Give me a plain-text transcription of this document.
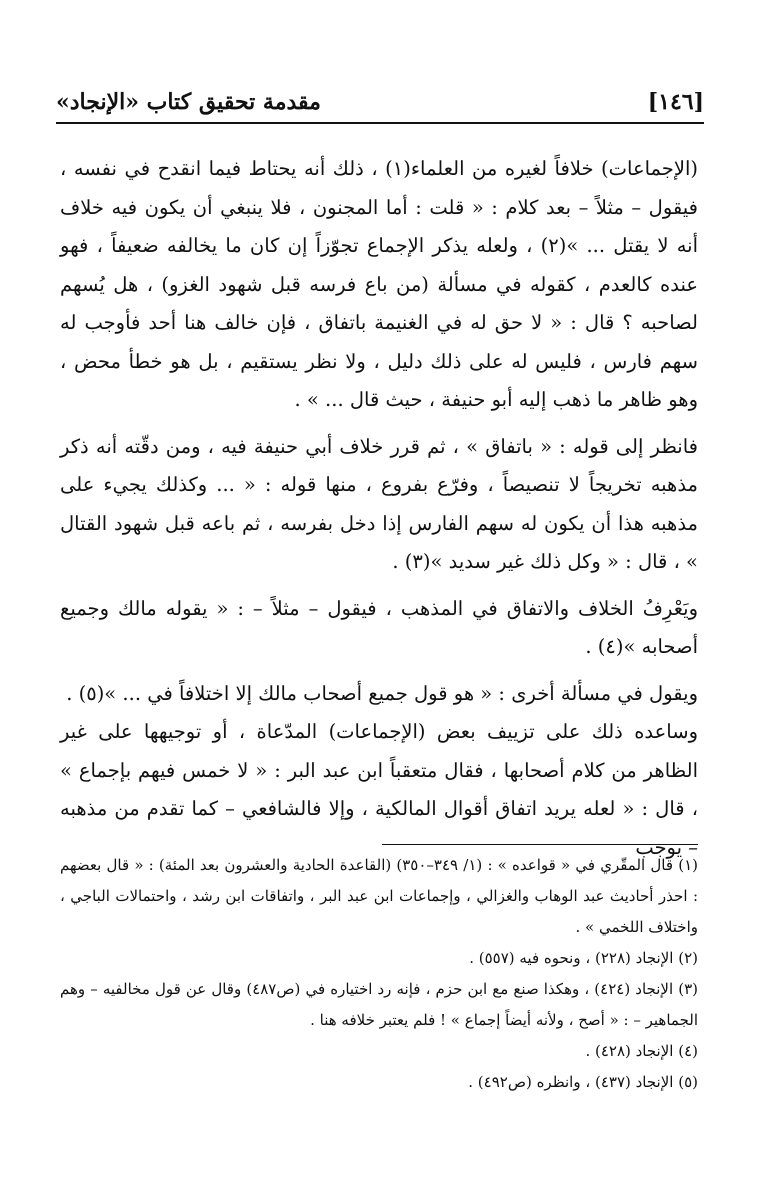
[١٤٦]
مقدمة تحقيق كتاب «الإنجاد»

(الإجماعات) خلافاً لغيره من العلماء(١) ، ذلك أنه يحتاط فيما انقدح في نفسه ، فيقول – مثلاً – بعد كلام : « قلت : أما المجنون ، فلا ينبغي أن يكون فيه خلاف أنه لا يقتل ... »(٢) ، ولعله يذكر الإجماع تجوّزاً إن كان ما يخالفه ضعيفاً ، فهو عنده كالعدم ، كقوله في مسألة (من باع فرسه قبل شهود الغزو) ، هل يُسهم لصاحبه ؟ قال : « لا حق له في الغنيمة باتفاق ، فإن خالف هنا أحد فأوجب له سهم فارس ، فليس له على ذلك دليل ، ولا نظر يستقيم ، بل هو خطأ محض ، وهو ظاهر ما ذهب إليه أبو حنيفة ، حيث قال ... » .

فانظر إلى قوله : « باتفاق » ، ثم قرر خلاف أبي حنيفة فيه ، ومن دقّته أنه ذكر مذهبه تخريجاً لا تنصيصاً ، وفرّع بفروع ، منها قوله : « ... وكذلك يجيء على مذهبه هذا أن يكون له سهم الفارس إذا دخل بفرسه ، ثم باعه قبل شهود القتال » ، قال : « وكل ذلك غير سديد »(٣) .

ويَعْرِفُ الخلاف والاتفاق في المذهب ، فيقول – مثلاً – : « يقوله مالك وجميع أصحابه »(٤) .

ويقول في مسألة أخرى : « هو قول جميع أصحاب مالك إلا اختلافاً في ... »(٥) .

وساعده ذلك على تزييف بعض (الإجماعات) المدّعاة ، أو توجيهها على غير الظاهر من كلام أصحابها ، فقال متعقباً ابن عبد البر : « لا خمس فيهم بإجماع » ، قال : « لعله يريد اتفاق أقوال المالكية ، وإلا فالشافعي – كما تقدم من مذهبه – يوجب

(١) قال المقّري في « قواعده » : (١/ ٣٤٩–٣٥٠) (القاعدة الحادية والعشرون بعد المئة) : « قال بعضهم : احذر أحاديث عبد الوهاب والغزالي ، وإجماعات ابن عبد البر ، واتفاقات ابن رشد ، واحتمالات الباجي ، واختلاف اللخمي » .

(٢) الإنجاد (٢٢٨) ، ونحوه فيه (٥٥٧) .

(٣) الإنجاد (٤٢٤) ، وهكذا صنع مع ابن حزم ، فإنه رد اختياره في (ص٤٨٧) وقال عن قول مخالفيه – وهم الجماهير – : « أصح ، ولأنه أيضاً إجماع » ! فلم يعتبر خلافه هنا .

(٤) الإنجاد (٤٢٨) .

(٥) الإنجاد (٤٣٧) ، وانظره (ص٤٩٢) .
